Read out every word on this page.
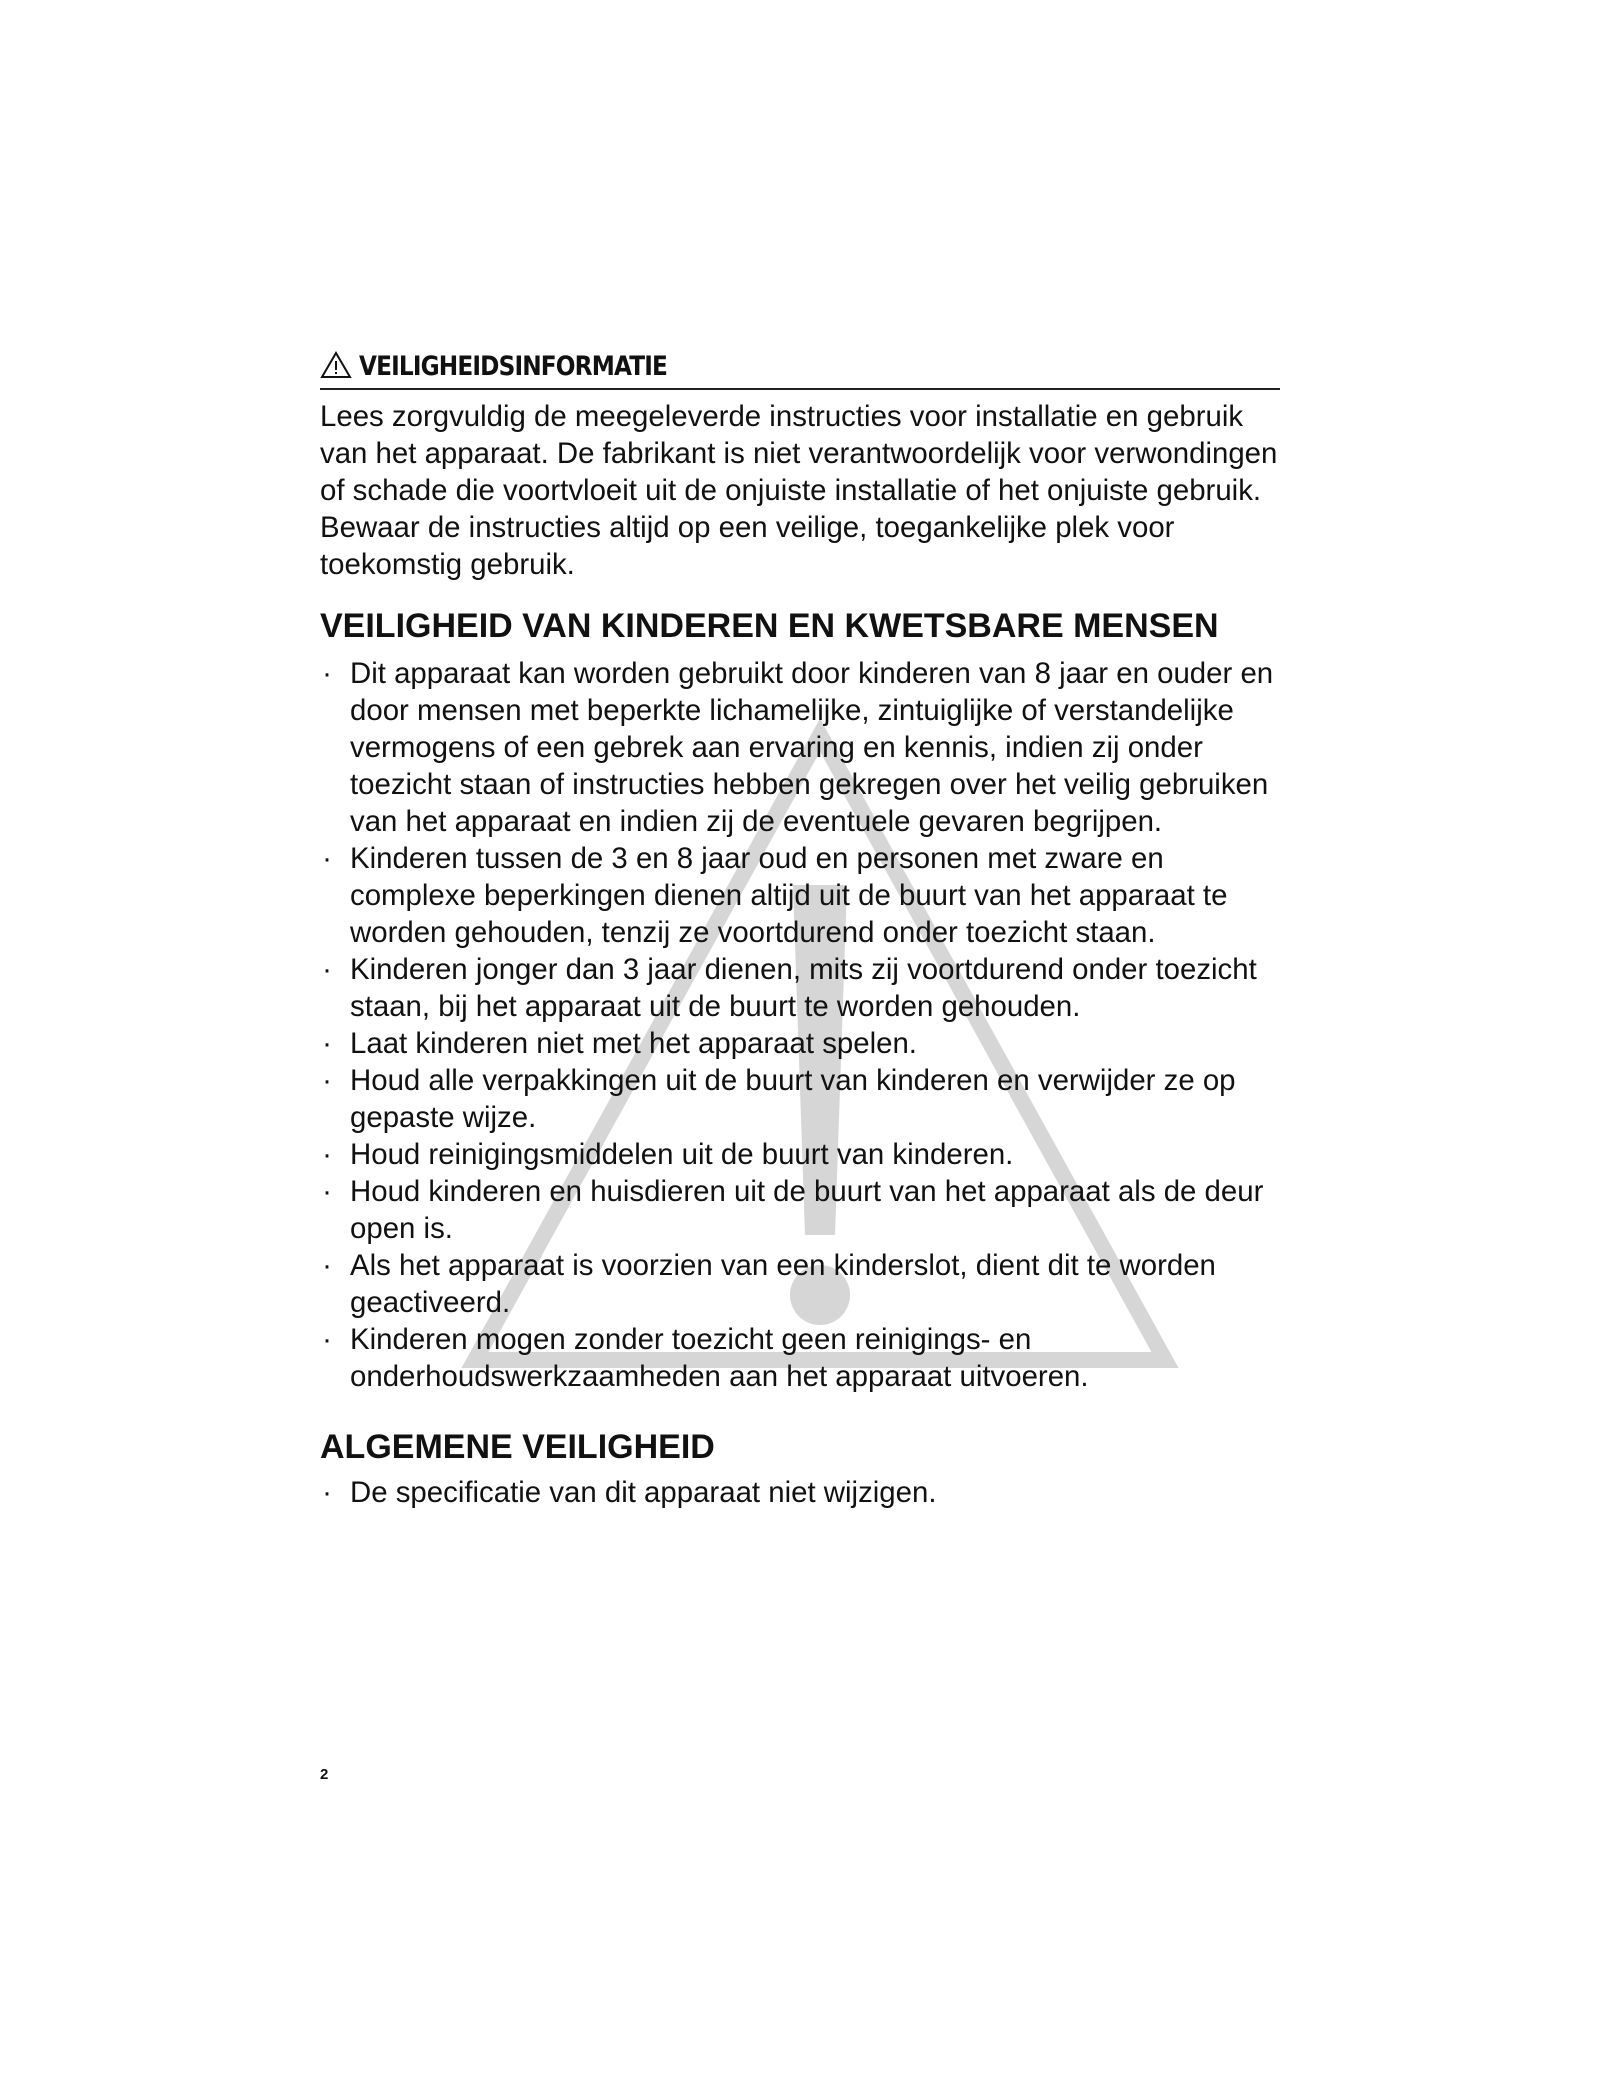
VEILIGHEIDSINFORMATIE

Lees zorgvuldig de meegeleverde instructies voor installatie en gebruik van het apparaat. De fabrikant is niet verantwoordelijk voor verwondingen of schade die voortvloeit uit de onjuiste installatie of het onjuiste gebruik. Bewaar de instructies altijd op een veilige, toegankelijke plek voor toekomstig gebruik.

VEILIGHEID VAN KINDEREN EN KWETSBARE MENSEN
· Dit apparaat kan worden gebruikt door kinderen van 8 jaar en ouder en door mensen met beperkte lichamelijke, zintuiglijke of verstandelijke vermogens of een gebrek aan ervaring en kennis, indien zij onder toezicht staan of instructies hebben gekregen over het veilig gebruiken van het apparaat en indien zij de eventuele gevaren begrijpen.
· Kinderen tussen de 3 en 8 jaar oud en personen met zware en complexe beperkingen dienen altijd uit de buurt van het apparaat te worden gehouden, tenzij ze voortdurend onder toezicht staan.
· Kinderen jonger dan 3 jaar dienen, mits zij voortdurend onder toezicht staan, bij het apparaat uit de buurt te worden gehouden.
· Laat kinderen niet met het apparaat spelen.
· Houd alle verpakkingen uit de buurt van kinderen en verwijder ze op gepaste wijze.
· Houd reinigingsmiddelen uit de buurt van kinderen.
· Houd kinderen en huisdieren uit de buurt van het apparaat als de deur open is.
· Als het apparaat is voorzien van een kinderslot, dient dit te worden geactiveerd.
· Kinderen mogen zonder toezicht geen reinigings- en onderhoudswerkzaamheden aan het apparaat uitvoeren.
ALGEMENE VEILIGHEID
· De specificatie van dit apparaat niet wijzigen.
2
